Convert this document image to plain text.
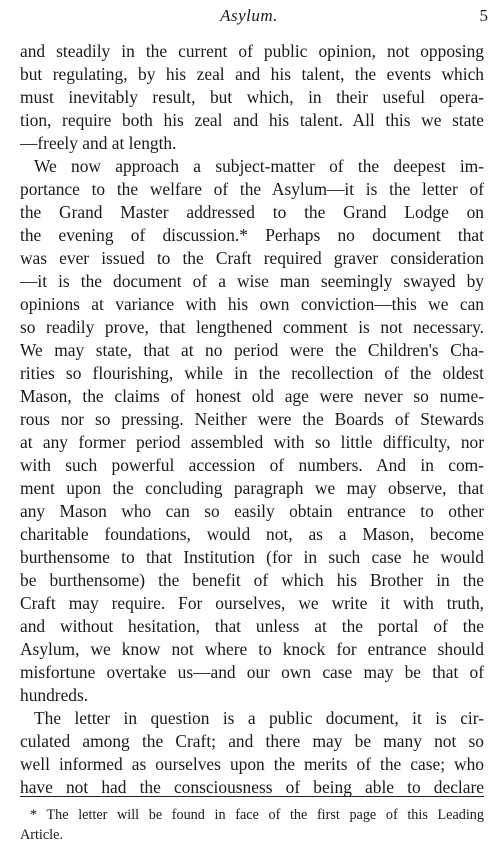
Asylum.	5
and steadily in the current of public opinion, not opposing
but regulating, by his zeal and his talent, the events which
must inevitably result, but which, in their useful opera-
tion, require both his zeal and his talent. All this we state
—freely and at length.
We now approach a subject-matter of the deepest im-
portance to the welfare of the Asylum—it is the letter of
the Grand Master addressed to the Grand Lodge on
the evening of discussion.* Perhaps no document that
was ever issued to the Craft required graver consideration
—it is the document of a wise man seemingly swayed by
opinions at variance with his own conviction—this we can
so readily prove, that lengthened comment is not necessary.
We may state, that at no period were the Children's Cha-
rities so flourishing, while in the recollection of the oldest
Mason, the claims of honest old age were never so nume-
rous nor so pressing. Neither were the Boards of Stewards
at any former period assembled with so little difficulty, nor
with such powerful accession of numbers. And in com-
ment upon the concluding paragraph we may observe, that
any Mason who can so easily obtain entrance to other
charitable foundations, would not, as a Mason, become
burthensome to that Institution (for in such case he would
be burthensome) the benefit of which his Brother in the
Craft may require. For ourselves, we write it with truth,
and without hesitation, that unless at the portal of the
Asylum, we know not where to knock for entrance should
misfortune overtake us—and our own case may be that of
hundreds.
The letter in question is a public document, it is cir-
culated among the Craft; and there may be many not so
well informed as ourselves upon the merits of the case; who
have not had the consciousness of being able to declare
* The letter will be found in face of the first page of this Leading
Article.
